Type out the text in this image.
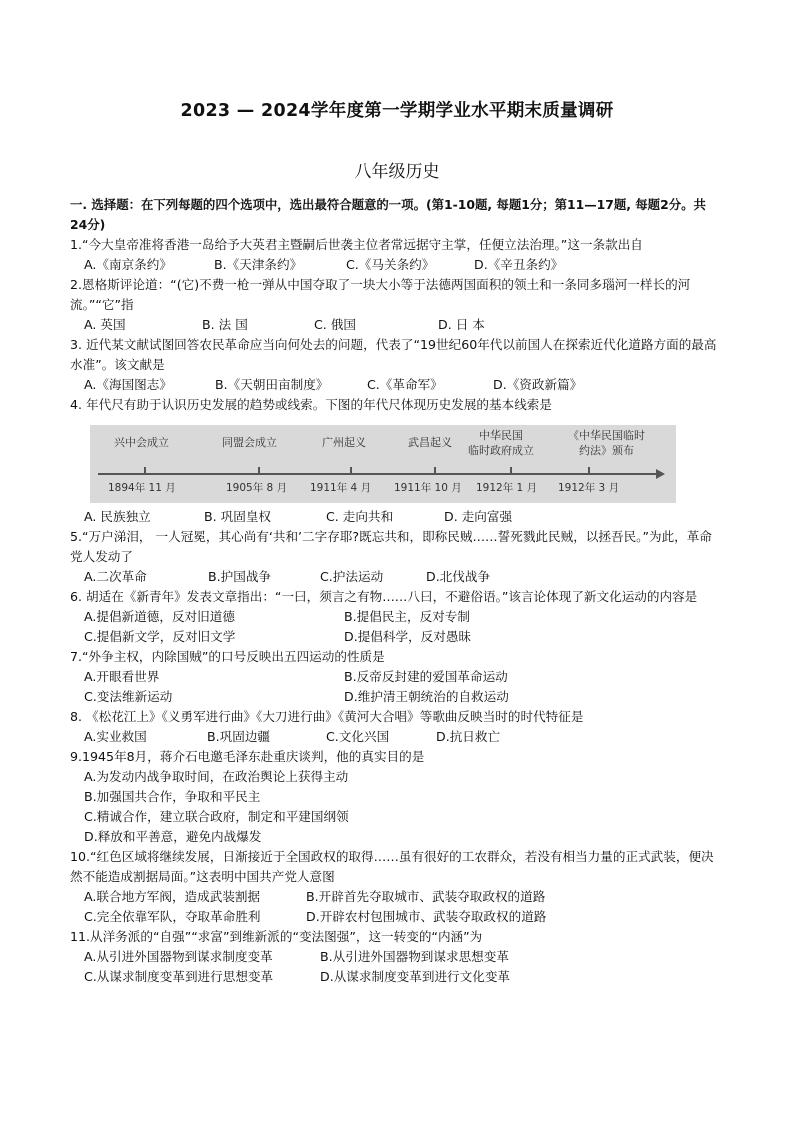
2023 — 2024学年度第一学期学业水平期末质量调研
八年级历史
一. 选择题：在下列每题的四个选项中，选出最符合题意的一项。(第1-10题, 每题1分；第11—17题, 每题2分。共24分)
1.“今大皇帝准将香港一岛给予大英君主暨嗣后世袭主位者常远据守主掌，任便立法治理。”这一条款出自
A.《南京条约》	B.《天津条约》	C.《马关条约》	D.《辛丑条约》
2.恩格斯评论道：“(它)不费一枪一弹从中国夺取了一块大小等于法德两国面积的领土和一条同多瑙河一样长的河流。”“它”指
A. 英国	B. 法 国	C. 俄国	D. 日 本
3. 近代某文献试图回答农民革命应当向何处去的问题，代表了“19世纪60年代以前国人在探索近代化道路方面的最高水准”。该文献是
A.《海国图志》	B.《天朝田亩制度》	C.《革命军》	D.《资政新篇》
4. 年代尺有助于认识历史发展的趋势或线索。下图的年代尺体现历史发展的基本线索是
兴中会成立	同盟会成立	广州起义	武昌起义
中华民国
临时政府成立
《中华民国临时
约法》颁布
1894年 11 月	1905年 8 月 1911年 4 月 1911年 10 月 1912年 1 月 1912年 3 月
A. 民族独立	B. 巩固皇权	C. 走向共和	D. 走向富强
5.“万户涕泪， 一人冠冕，其心尚有‘共和’二字存耶?既忘共和，即称民贼……誓死戮此民贼，以拯吾民。”为此，革命党人发动了
A.二次革命	B.护国战争	C.护法运动	D.北伐战争
6. 胡适在《新青年》发表文章指出：“一曰，须言之有物……八曰，不避俗语。”该言论体现了新文化运动的内容是
A.提倡新道德，反对旧道德	B.提倡民主，反对专制
C.提倡新文学，反对旧文学	D.提倡科学，反对愚昧
7.“外争主权，内除国贼”的口号反映出五四运动的性质是
A.开眼看世界	B.反帝反封建的爱国革命运动
C.变法维新运动	D.维护清王朝统治的自救运动
8. 《松花江上》《义勇军进行曲》《大刀进行曲》《黄河大合唱》等歌曲反映当时的时代特征是
A.实业救国	B.巩固边疆	C.文化兴国	D.抗日救亡
9.1945年8月，蒋介石电邀毛泽东赴重庆谈判，他的真实目的是
A.为发动内战争取时间，在政治舆论上获得主动
B.加强国共合作，争取和平民主
C.精诚合作，建立联合政府，制定和平建国纲领
D.释放和平善意，避免内战爆发
10.“红色区域将继续发展，日渐接近于全国政权的取得……虽有很好的工农群众，若没有相当力量的正式武装，便决然不能造成割据局面。”这表明中国共产党人意图
A.联合地方军阀，造成武装割据	B.开辟首先夺取城市、武装夺取政权的道路
C.完全依靠军队，夺取革命胜利	D.开辟农村包围城市、武装夺取政权的道路
11.从洋务派的“自强”“求富”到维新派的“变法图强”，这一转变的“内涵”为
A.从引进外国器物到谋求制度变革	B.从引进外国器物到谋求思想变革
C.从谋求制度变革到进行思想变革	D.从谋求制度变革到进行文化变革
